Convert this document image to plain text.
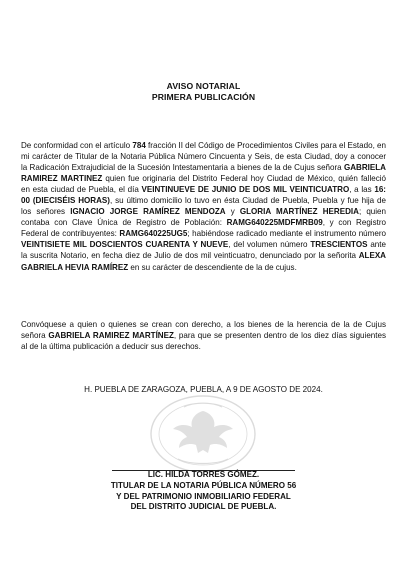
AVISO NOTARIAL
PRIMERA PUBLICACIÓN
De conformidad con el artículo 784 fracción II del Código de Procedimientos Civiles para el Estado, en mi carácter de Titular de la Notaria Pública Número Cincuenta y Seis, de esta Ciudad, doy a conocer la Radicación Extrajudicial de la Sucesión Intestamentaria a bienes de la de Cujus señora GABRIELA RAMIREZ MARTINEZ quien fue originaria del Distrito Federal hoy Ciudad de México, quién falleció en esta ciudad de Puebla, el día VEINTINUEVE DE JUNIO DE DOS MIL VEINTICUATRO, a las 16: 00 (DIECISÉIS HORAS), su último domicilio lo tuvo en ésta Ciudad de Puebla, Puebla y fue hija de los señores IGNACIO JORGE RAMÍREZ MENDOZA y GLORIA MARTÍNEZ HEREDIA; quien contaba con Clave Única de Registro de Población: RAMG640225MDFMRB09, y con Registro Federal de contribuyentes: RAMG640225UG5; habiéndose radicado mediante el instrumento número VEINTISIETE MIL DOSCIENTOS CUARENTA Y NUEVE, del volumen número TRESCIENTOS ante la suscrita Notario, en fecha diez de Julio de dos mil veinticuatro, denunciado por la señorita ALEXA GABRIELA HEVIA RAMÍREZ en su carácter de descendiente de la de cujus.
Convóquese a quien o quienes se crean con derecho, a los bienes de la herencia de la de Cujus señora GABRIELA RAMIREZ MARTÍNEZ, para que se presenten dentro de los diez días siguientes al de la última publicación a deducir sus derechos.
H. PUEBLA DE ZARAGOZA, PUEBLA, A 9 DE AGOSTO DE 2024.
LIC. HILDA TORRES GÓMEZ.
TITULAR DE LA NOTARIA PÚBLICA NÚMERO 56
Y DEL PATRIMONIO INMOBILIARIO FEDERAL
DEL DISTRITO JUDICIAL DE PUEBLA.
